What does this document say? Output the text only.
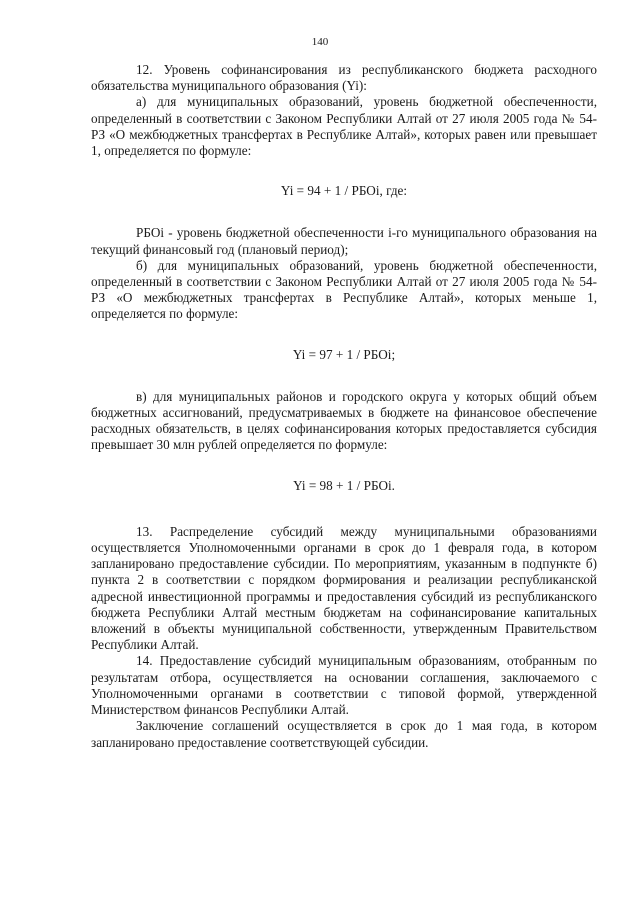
140

12. Уровень софинансирования из республиканского бюджета расходного обязательства муниципального образования (Yi):

а) для муниципальных образований, уровень бюджетной обеспеченности, определенный в соответствии с Законом Республики Алтай от 27 июля 2005 года № 54-РЗ «О межбюджетных трансфертах в Республике Алтай», которых равен или превышает 1, определяется по формуле:

Yi = 94 + 1 / РБОi, где:

РБОi - уровень бюджетной обеспеченности i-го муниципального образования на текущий финансовый год (плановый период);

б) для муниципальных образований, уровень бюджетной обеспеченности, определенный в соответствии с Законом Республики Алтай от 27 июля 2005 года № 54-РЗ «О межбюджетных трансфертах в Республике Алтай», которых меньше 1, определяется по формуле:

Yi = 97 + 1 / РБОi;

в) для муниципальных районов и городского округа у которых общий объем бюджетных ассигнований, предусматриваемых в бюджете на финансовое обеспечение расходных обязательств, в целях софинансирования которых предоставляется субсидия превышает 30 млн рублей определяется по формуле:

Yi = 98 + 1 / РБОi.

13. Распределение субсидий между муниципальными образованиями осуществляется Уполномоченными органами в срок до 1 февраля года, в котором запланировано предоставление субсидии. По мероприятиям, указанным в подпункте б) пункта 2 в соответствии с порядком формирования и реализации республиканской адресной инвестиционной программы и предоставления субсидий из республиканского бюджета Республики Алтай местным бюджетам на софинансирование капитальных вложений в объекты муниципальной собственности, утвержденным Правительством Республики Алтай.

14. Предоставление субсидий муниципальным образованиям, отобранным по результатам отбора, осуществляется на основании соглашения, заключаемого с Уполномоченными органами в соответствии с типовой формой, утвержденной Министерством финансов Республики Алтай.

Заключение соглашений осуществляется в срок до 1 мая года, в котором запланировано предоставление соответствующей субсидии.
